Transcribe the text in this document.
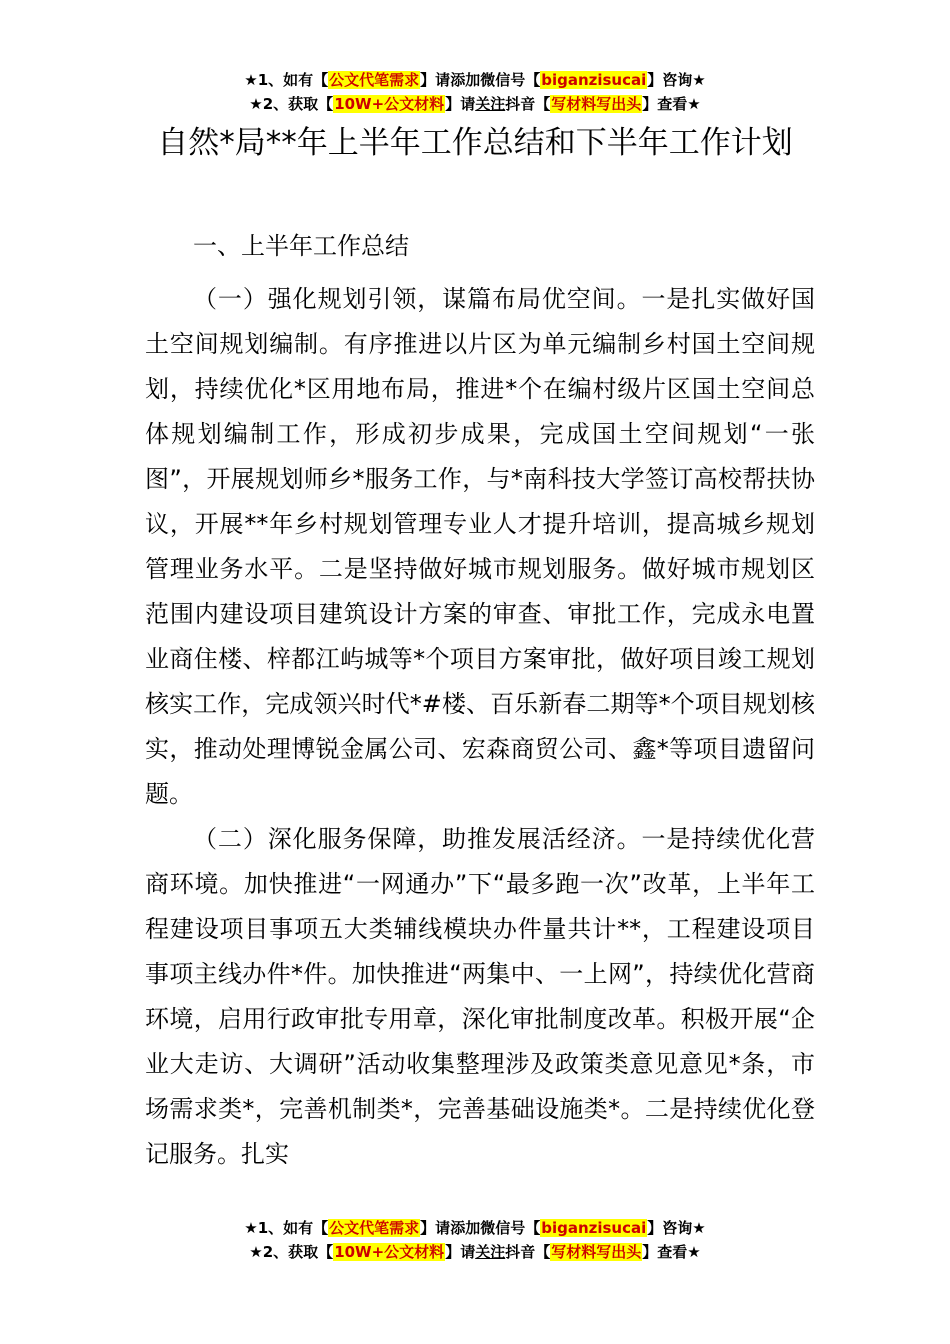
★1、如有【公文代笔需求】请添加微信号【biganzisucai】咨询★
★2、获取【10W+公文材料】请关注抖音【写材料写出头】查看★
自然*局**年上半年工作总结和下半年工作计划

一、上半年工作总结

（一）强化规划引领，谋篇布局优空间。一是扎实做好国土空间规划编制。有序推进以片区为单元编制乡村国土空间规划，持续优化*区用地布局，推进*个在编村级片区国土空间总体规划编制工作，形成初步成果，完成国土空间规划“一张图”，开展规划师乡*服务工作，与*南科技大学签订高校帮扶协议，开展**年乡村规划管理专业人才提升培训，提高城乡规划管理业务水平。二是坚持做好城市规划服务。做好城市规划区范围内建设项目建筑设计方案的审查、审批工作，完成永电置业商住楼、梓都江屿城等*个项目方案审批，做好项目竣工规划核实工作，完成领兴时代*#楼、百乐新春二期等*个项目规划核实，推动处理博锐金属公司、宏森商贸公司、鑫*等项目遗留问题。

（二）深化服务保障，助推发展活经济。一是持续优化营商环境。加快推进“一网通办”下“最多跑一次”改革，上半年工程建设项目事项五大类辅线模块办件量共计**，工程建设项目事项主线办件*件。加快推进“两集中、一上网”，持续优化营商环境，启用行政审批专用章，深化审批制度改革。积极开展“企业大走访、大调研”活动收集整理涉及政策类意见意见*条，市场需求类*，完善机制类*，完善基础设施类*。二是持续优化登记服务。扎实

★1、如有【公文代笔需求】请添加微信号【biganzisucai】咨询★
★2、获取【10W+公文材料】请关注抖音【写材料写出头】查看★
